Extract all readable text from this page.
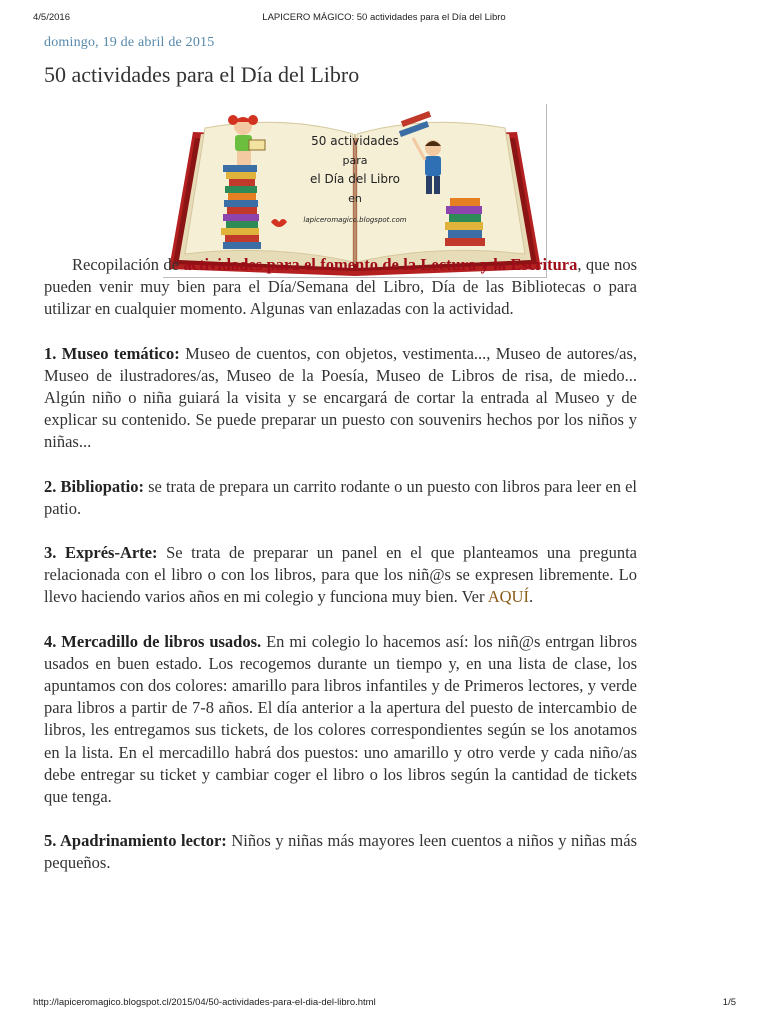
4/5/2016	LAPICERO MÁGICO: 50 actividades para el Día del Libro
domingo, 19 de abril de 2015
50 actividades para el Día del Libro
50 actividades
para
el Día del Libro
en
lapiceromagico.blogspot.com

Recopilación de actividades para el fomento de la Lectura y la Escritura, que nos pueden venir muy bien para el Día/Semana del Libro, Día de las Bibliotecas o para utilizar en cualquier momento. Algunas van enlazadas con la actividad.

1. Museo temático: Museo de cuentos, con objetos, vestimenta..., Museo de autores/as, Museo de ilustradores/as, Museo de la Poesía, Museo de Libros de risa, de miedo... Algún niño o niña guiará la visita y se encargará de cortar la entrada al Museo y de explicar su contenido. Se puede preparar un puesto con souvenirs hechos por los niños y niñas...

2. Bibliopatio: se trata de prepara un carrito rodante o un puesto con libros para leer en el patio.

3. Exprés-Arte: Se trata de preparar un panel en el que planteamos una pregunta relacionada con el libro o con los libros, para que los niñ@s se expresen libremente. Lo llevo haciendo varios años en mi colegio y funciona muy bien. Ver AQUÍ.

4. Mercadillo de libros usados. En mi colegio lo hacemos así: los niñ@s entrgan libros usados en buen estado. Los recogemos durante un tiempo y, en una lista de clase, los apuntamos con dos colores: amarillo para libros infantiles y de Primeros lectores, y verde para libros a partir de 7-8 años. El día anterior a la apertura del puesto de intercambio de libros, les entregamos sus tickets, de los colores correspondientes según se los anotamos en la lista. En el mercadillo habrá dos puestos: uno amarillo y otro verde y cada niño/as debe entregar su ticket y cambiar coger el libro o los libros según la cantidad de tickets que tenga.

5. Apadrinamiento lector: Niños y niñas más mayores leen cuentos a niños y niñas más pequeños.

http://lapiceromagico.blogspot.cl/2015/04/50-actividades-para-el-dia-del-libro.html	1/5
